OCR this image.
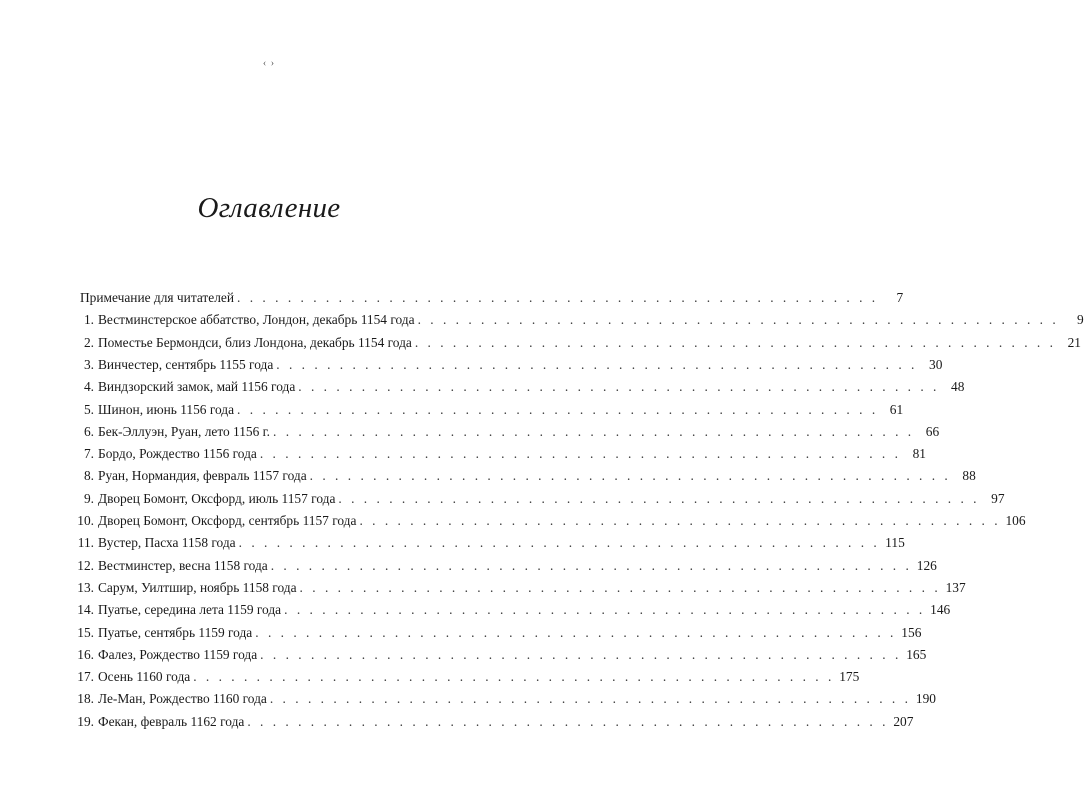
‹ ›
Оглавление
Примечание для читателей . . . . . . . . . . . . . . . . . . . . . . . . . . . . . . . . . . . . . . . . . . . . . . . . . . .	7
1. Вестминстерское аббатство, Лондон, декабрь 1154 года . . . . . . . . . . . . . . . . . . . . . . . . . . . . . . . . . . . . . . . . . . . . . . . . . . .	9
2. Поместье Бермондси, близ Лондона, декабрь 1154 года . . . . . . . . . . . . . . . . . . . . . . . . . . . . . . . . . . . . . . . . . . . . . . . . . . . 21
3. Винчестер, сентябрь 1155 года . . . . . . . . . . . . . . . . . . . . . . . . . . . . . . . . . . . . . . . . . . . . . . . . . . . 30
4. Виндзорский замок, май 1156 года . . . . . . . . . . . . . . . . . . . . . . . . . . . . . . . . . . . . . . . . . . . . . . . . . . . 48
5. Шинон, июнь 1156 года . . . . . . . . . . . . . . . . . . . . . . . . . . . . . . . . . . . . . . . . . . . . . . . . . . . 61
6. Бек-Эллуэн, Руан, лето 1156 г. . . . . . . . . . . . . . . . . . . . . . . . . . . . . . . . . . . . . . . . . . . . . . . . . . . . 66
7. Бордо, Рождество 1156 года . . . . . . . . . . . . . . . . . . . . . . . . . . . . . . . . . . . . . . . . . . . . . . . . . . . 81
8. Руан, Нормандия, февраль 1157 года . . . . . . . . . . . . . . . . . . . . . . . . . . . . . . . . . . . . . . . . . . . . . . . . . . . 88
9. Дворец Бомонт, Оксфорд, июль 1157 года . . . . . . . . . . . . . . . . . . . . . . . . . . . . . . . . . . . . . . . . . . . . . . . . . . . 97
10. Дворец Бомонт, Оксфорд, сентябрь 1157 года . . . . . . . . . . . . . . . . . . . . . . . . . . . . . . . . . . . . . . . . . . . . . . . . . . . 106
11. Вустер, Пасха 1158 года . . . . . . . . . . . . . . . . . . . . . . . . . . . . . . . . . . . . . . . . . . . . . . . . . . . 115
12. Вестминстер, весна 1158 года . . . . . . . . . . . . . . . . . . . . . . . . . . . . . . . . . . . . . . . . . . . . . . . . . . . 126
13. Сарум, Уилтшир, ноябрь 1158 года . . . . . . . . . . . . . . . . . . . . . . . . . . . . . . . . . . . . . . . . . . . . . . . . . . . 137
14. Пуатье, середина лета 1159 года . . . . . . . . . . . . . . . . . . . . . . . . . . . . . . . . . . . . . . . . . . . . . . . . . . . 146
15. Пуатье, сентябрь 1159 года . . . . . . . . . . . . . . . . . . . . . . . . . . . . . . . . . . . . . . . . . . . . . . . . . . . 156
16. Фалез, Рождество 1159 года . . . . . . . . . . . . . . . . . . . . . . . . . . . . . . . . . . . . . . . . . . . . . . . . . . . 165
17. Осень 1160 года . . . . . . . . . . . . . . . . . . . . . . . . . . . . . . . . . . . . . . . . . . . . . . . . . . . 175
18. Ле-Ман, Рождество 1160 года . . . . . . . . . . . . . . . . . . . . . . . . . . . . . . . . . . . . . . . . . . . . . . . . . . . 190
19. Фекан, февраль 1162 года . . . . . . . . . . . . . . . . . . . . . . . . . . . . . . . . . . . . . . . . . . . . . . . . . . . 207
